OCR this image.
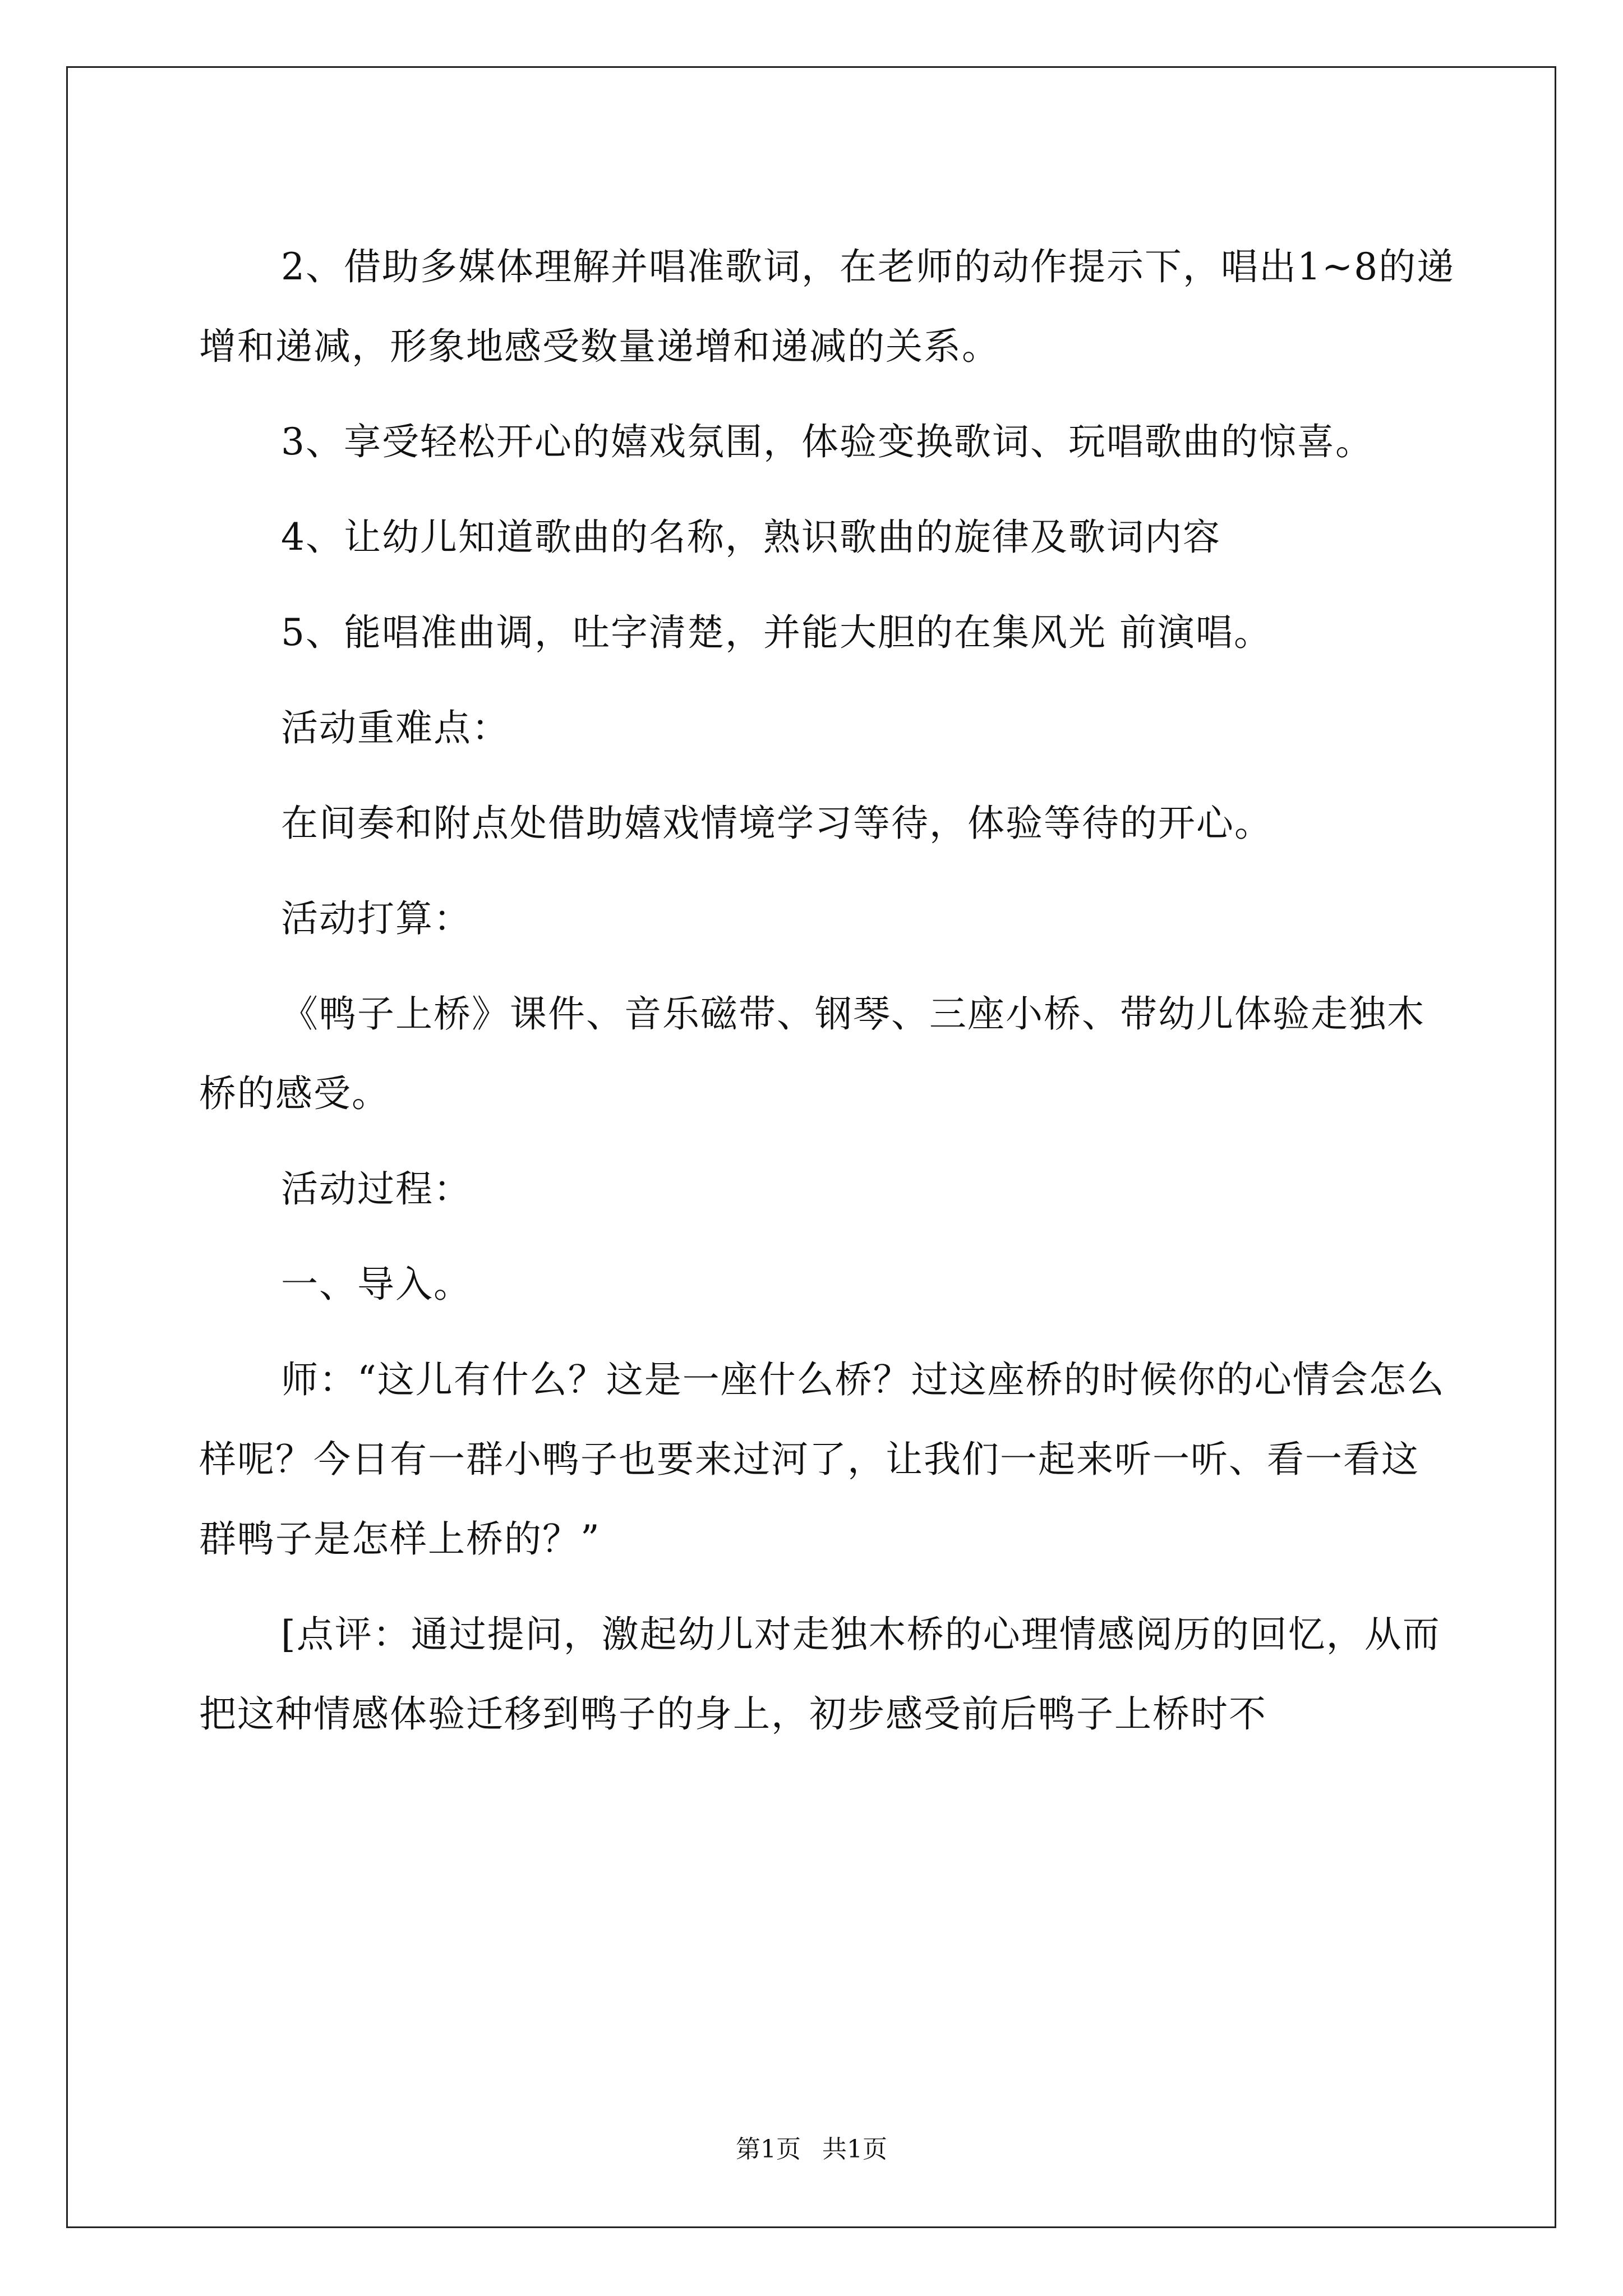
2、借助多媒体理解并唱准歌词，在老师的动作提示下，唱出1~8的递增和递减，形象地感受数量递增和递减的关系。

3、享受轻松开心的嬉戏氛围，体验变换歌词、玩唱歌曲的惊喜。

4、让幼儿知道歌曲的名称，熟识歌曲的旋律及歌词内容

5、能唱准曲调，吐字清楚，并能大胆的在集风光 前演唱。

活动重难点：

在间奏和附点处借助嬉戏情境学习等待，体验等待的开心。

活动打算：

《鸭子上桥》课件、音乐磁带、钢琴、三座小桥、带幼儿体验走独木桥的感受。

活动过程：

一、导入。

师：“这儿有什么？这是一座什么桥？过这座桥的时候你的心情会怎么样呢？今日有一群小鸭子也要来过河了，让我们一起来听一听、看一看这群鸭子是怎样上桥的？”

[点评：通过提问，激起幼儿对走独木桥的心理情感阅历的回忆，从而把这种情感体验迁移到鸭子的身上，初步感受前后鸭子上桥时不

第1页 共1页
